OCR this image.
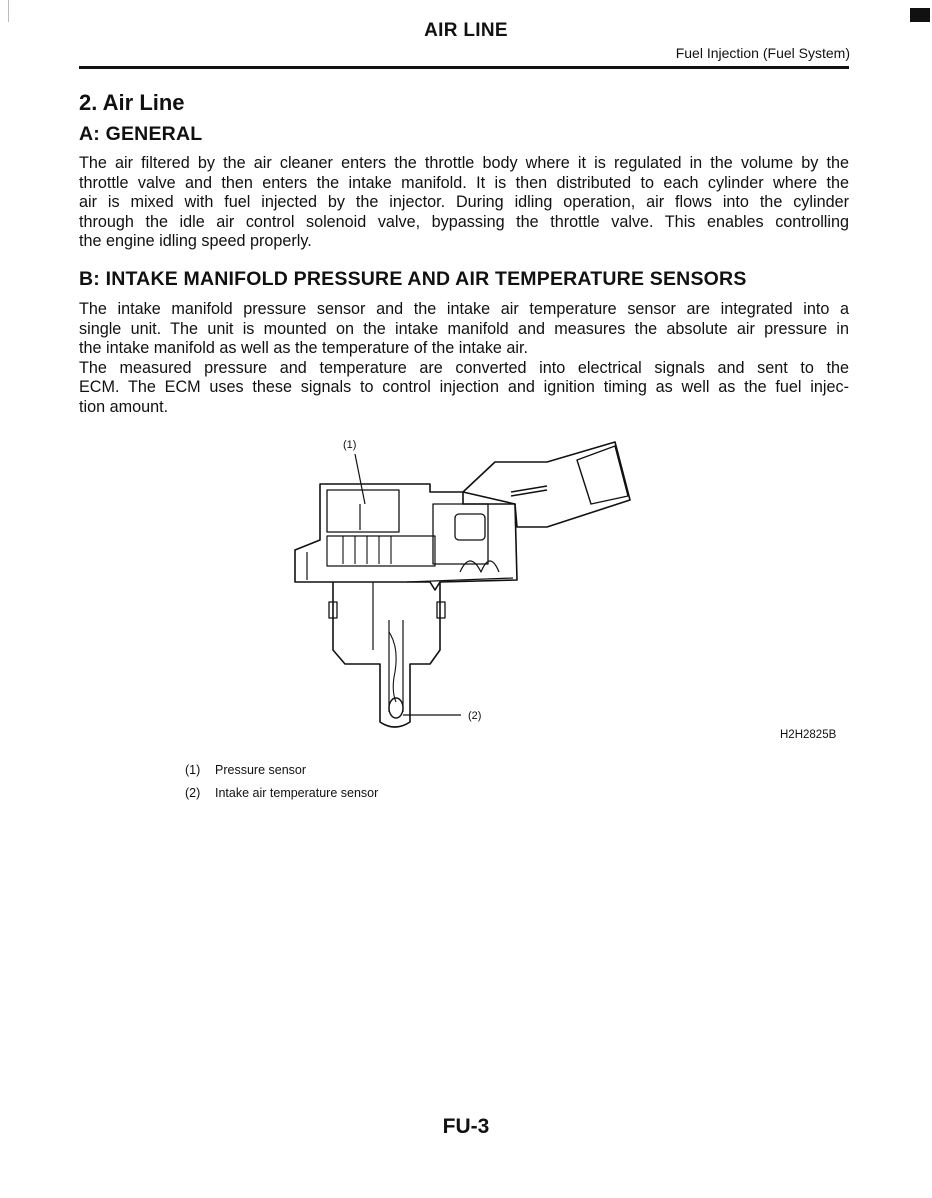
AIR LINE
Fuel Injection (Fuel System)
2. Air Line
A: GENERAL

The air filtered by the air cleaner enters the throttle body where it is regulated in the volume by the
throttle valve and then enters the intake manifold. It is then distributed to each cylinder where the
air is mixed with fuel injected by the injector. During idling operation, air flows into the cylinder
through the idle air control solenoid valve, bypassing the throttle valve. This enables controlling
the engine idling speed properly.

B: INTAKE MANIFOLD PRESSURE AND AIR TEMPERATURE SENSORS

The intake manifold pressure sensor and the intake air temperature sensor are integrated into a
single unit. The unit is mounted on the intake manifold and measures the absolute air pressure in
the intake manifold as well as the temperature of the intake air.
The measured pressure and temperature are converted into electrical signals and sent to the
ECM. The ECM uses these signals to control injection and ignition timing as well as the fuel injec-
tion amount.

(1)
(2)
H2H2825B
(1) Pressure sensor
(2) Intake air temperature sensor
FU-3
